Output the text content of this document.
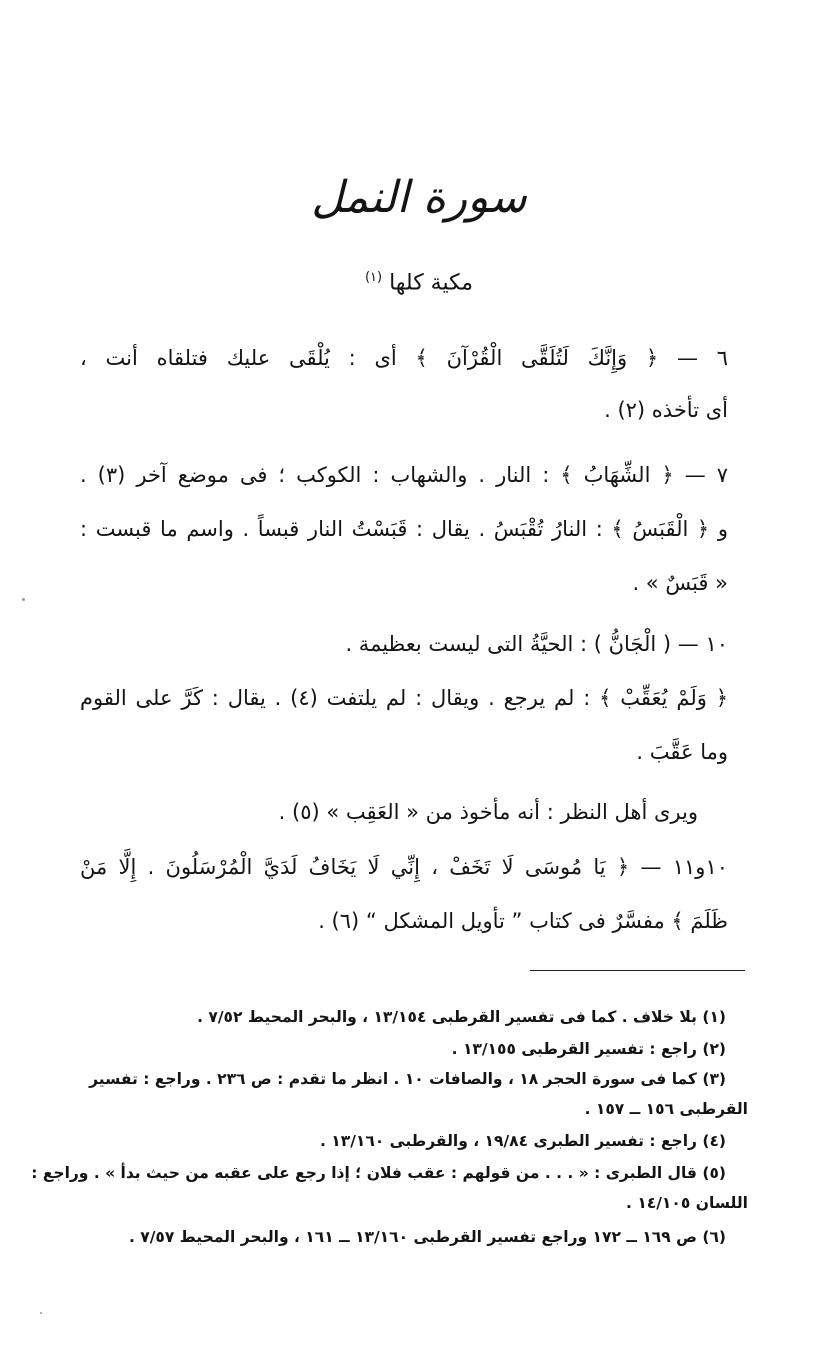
سورة النمل
مكية كلها $^{(١)}$
٦ — ﴿ وَإِنَّكَ لَتُلَقَّى الْقُرْآنَ ﴾ أى : يُلْقَى عليك فتلقاه أنت ،
أى تأخذه (٢) .
٧ — ﴿ الشِّهَابُ ﴾ : النار . والشهاب : الكوكب ؛ فى موضع آخر (٣) .
و ﴿ الْقَبَسُ ﴾ : النارُ تُقْبَسُ . يقال : قَبَسْتُ النار قبساً . واسم ما قبست :
« قَبَسٌ » .
١٠ — ( الْجَانُّ ) : الحيَّةُ التى ليست بعظيمة .
﴿ وَلَمْ يُعَقِّبْ ﴾ : لم يرجع . ويقال : لم يلتفت (٤) . يقال : كَرَّ على القوم
وما عَقَّبَ .
ويرى أهل النظر : أنه مأخوذ من « العَقِب » (٥) .
١٠و١١ — ﴿ يَا مُوسَى لَا تَخَفْ ، إِنِّي لَا يَخَافُ لَدَيَّ الْمُرْسَلُونَ . إِلَّا مَنْ
ظَلَمَ ﴾ مفسَّرٌ فى كتاب ” تأويل المشكل “ (٦) .
(١) بلا خلاف . كما فى تفسير القرطبى ١٣/١٥٤ ، والبحر المحيط ٧/٥٢ .
(٢) راجع : تفسير القرطبى ١٣/١٥٥ .
(٣) كما فى سورة الحجر ١٨ ، والصافات ١٠ . انظر ما تقدم : ص ٢٣٦ . وراجع : تفسير
القرطبى ١٥٦ ــ ١٥٧ .
(٤) راجع : تفسير الطبرى ١٩/٨٤ ، والقرطبى ١٣/١٦٠ .
(٥) قال الطبرى : « . . . من قولهم : عقب فلان ؛ إذا رجع على عقبه من حيث بدأ » . وراجع :
اللسان ١٤/١٠٥ .
(٦) ص ١٦٩ ــ ١٧٢ وراجع تفسير القرطبى ١٣/١٦٠ ــ ١٦١ ، والبحر المحيط ٧/٥٧ .
